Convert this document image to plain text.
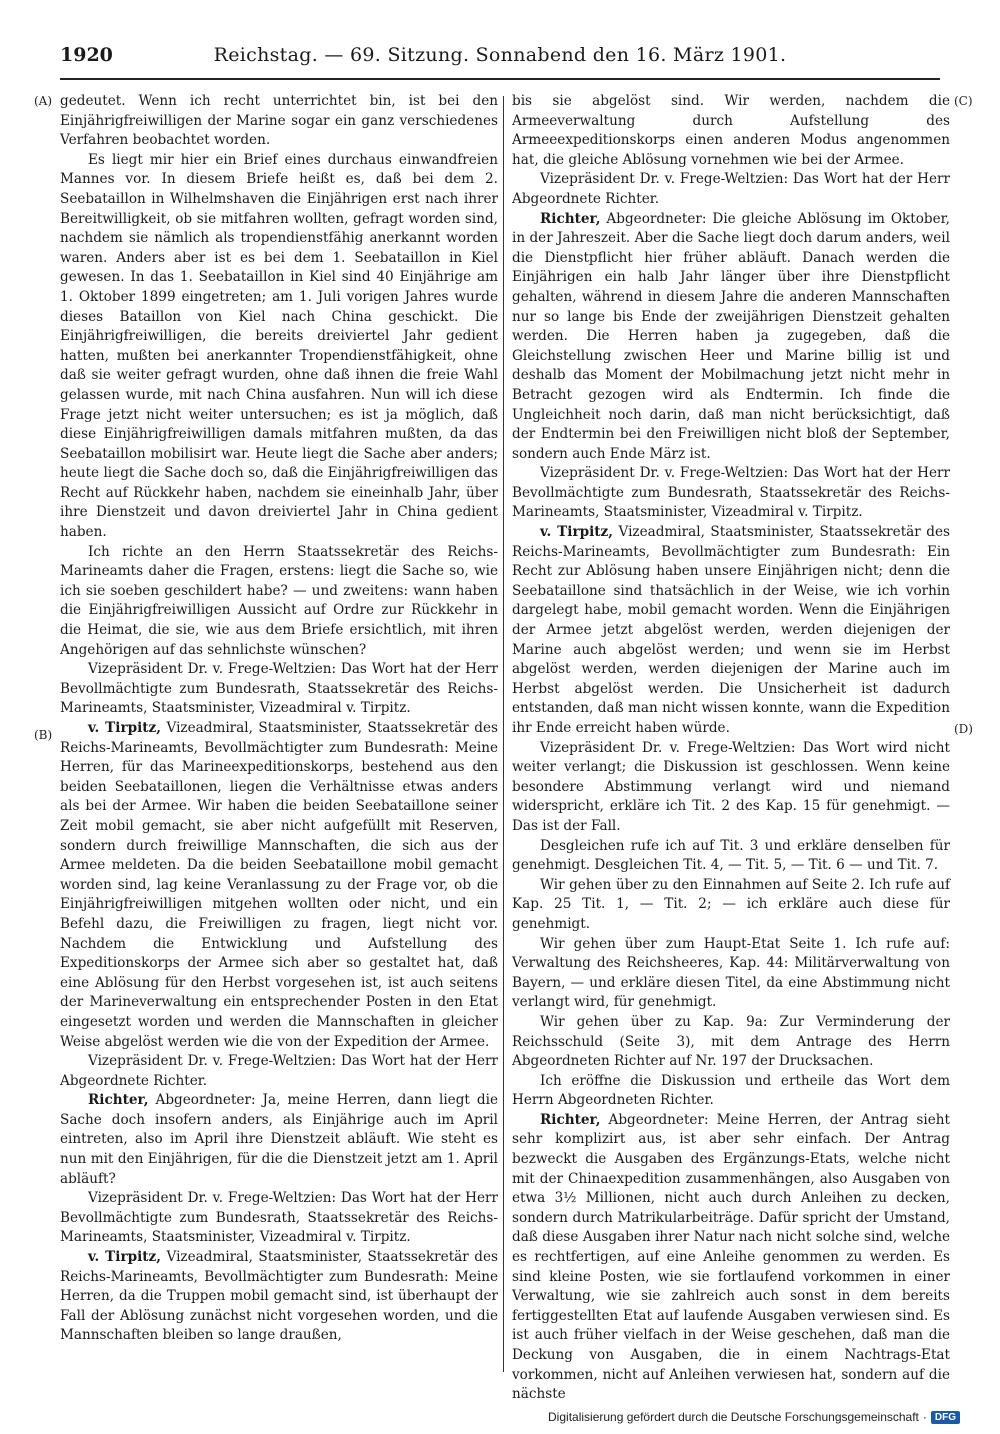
1920	Reichstag. — 69. Sitzung. Sonnabend den 16. März 1901.
(A)
(B)
(C)
(D)

gedeutet. Wenn ich recht unterrichtet bin, ist bei den Einjährigfreiwilligen der Marine sogar ein ganz verschiedenes Verfahren beobachtet worden.

Es liegt mir hier ein Brief eines durchaus einwandfreien Mannes vor. In diesem Briefe heißt es, daß bei dem 2. Seebataillon in Wilhelmshaven die Einjährigen erst nach ihrer Bereitwilligkeit, ob sie mitfahren wollten, gefragt worden sind, nachdem sie nämlich als tropendienstfähig anerkannt worden waren. Anders aber ist es bei dem 1. Seebataillon in Kiel gewesen. In das 1. Seebataillon in Kiel sind 40 Einjährige am 1. Oktober 1899 eingetreten; am 1. Juli vorigen Jahres wurde dieses Bataillon von Kiel nach China geschickt. Die Einjährigfreiwilligen, die bereits dreiviertel Jahr gedient hatten, mußten bei anerkannter Tropendienstfähigkeit, ohne daß sie weiter gefragt wurden, ohne daß ihnen die freie Wahl gelassen wurde, mit nach China ausfahren. Nun will ich diese Frage jetzt nicht weiter untersuchen; es ist ja möglich, daß diese Einjährigfreiwilligen damals mitfahren mußten, da das Seebataillon mobilisirt war. Heute liegt die Sache aber anders; heute liegt die Sache doch so, daß die Einjährigfreiwilligen das Recht auf Rückkehr haben, nachdem sie eineinhalb Jahr, über ihre Dienstzeit und davon dreiviertel Jahr in China gedient haben.

Ich richte an den Herrn Staatssekretär des Reichs-Marineamts daher die Fragen, erstens: liegt die Sache so, wie ich sie soeben geschildert habe? — und zweitens: wann haben die Einjährigfreiwilligen Aussicht auf Ordre zur Rückkehr in die Heimat, die sie, wie aus dem Briefe ersichtlich, mit ihren Angehörigen auf das sehnlichste wünschen?

Vizepräsident Dr. v. Frege-Weltzien: Das Wort hat der Herr Bevollmächtigte zum Bundesrath, Staatssekretär des Reichs-Marineamts, Staatsminister, Vizeadmiral v. Tirpitz.

v. Tirpitz, Vizeadmiral, Staatsminister, Staatssekretär des Reichs-Marineamts, Bevollmächtigter zum Bundesrath: Meine Herren, für das Marineexpeditionskorps, bestehend aus den beiden Seebataillonen, liegen die Verhältnisse etwas anders als bei der Armee. Wir haben die beiden Seebataillone seiner Zeit mobil gemacht, sie aber nicht aufgefüllt mit Reserven, sondern durch freiwillige Mannschaften, die sich aus der Armee meldeten. Da die beiden Seebataillone mobil gemacht worden sind, lag keine Veranlassung zu der Frage vor, ob die Einjährigfreiwilligen mitgehen wollten oder nicht, und ein Befehl dazu, die Freiwilligen zu fragen, liegt nicht vor. Nachdem die Entwicklung und Aufstellung des Expeditionskorps der Armee sich aber so gestaltet hat, daß eine Ablösung für den Herbst vorgesehen ist, ist auch seitens der Marineverwaltung ein entsprechender Posten in den Etat eingesetzt worden und werden die Mannschaften in gleicher Weise abgelöst werden wie die von der Expedition der Armee.

Vizepräsident Dr. v. Frege-Weltzien: Das Wort hat der Herr Abgeordnete Richter.

Richter, Abgeordneter: Ja, meine Herren, dann liegt die Sache doch insofern anders, als Einjährige auch im April eintreten, also im April ihre Dienstzeit abläuft. Wie steht es nun mit den Einjährigen, für die die Dienstzeit jetzt am 1. April abläuft?

Vizepräsident Dr. v. Frege-Weltzien: Das Wort hat der Herr Bevollmächtigte zum Bundesrath, Staatssekretär des Reichs-Marineamts, Staatsminister, Vizeadmiral v. Tirpitz.

v. Tirpitz, Vizeadmiral, Staatsminister, Staatssekretär des Reichs-Marineamts, Bevollmächtigter zum Bundesrath: Meine Herren, da die Truppen mobil gemacht sind, ist überhaupt der Fall der Ablösung zunächst nicht vorgesehen worden, und die Mannschaften bleiben so lange draußen,

bis sie abgelöst sind. Wir werden, nachdem die Armeeverwaltung durch Aufstellung des Armeeexpeditionskorps einen anderen Modus angenommen hat, die gleiche Ablösung vornehmen wie bei der Armee.

Vizepräsident Dr. v. Frege-Weltzien: Das Wort hat der Herr Abgeordnete Richter.

Richter, Abgeordneter: Die gleiche Ablösung im Oktober, in der Jahreszeit. Aber die Sache liegt doch darum anders, weil die Dienstpflicht hier früher abläuft. Danach werden die Einjährigen ein halb Jahr länger über ihre Dienstpflicht gehalten, während in diesem Jahre die anderen Mannschaften nur so lange bis Ende der zweijährigen Dienstzeit gehalten werden. Die Herren haben ja zugegeben, daß die Gleichstellung zwischen Heer und Marine billig ist und deshalb das Moment der Mobilmachung jetzt nicht mehr in Betracht gezogen wird als Endtermin. Ich finde die Ungleichheit noch darin, daß man nicht berücksichtigt, daß der Endtermin bei den Freiwilligen nicht bloß der September, sondern auch Ende März ist.

Vizepräsident Dr. v. Frege-Weltzien: Das Wort hat der Herr Bevollmächtigte zum Bundesrath, Staatssekretär des Reichs-Marineamts, Staatsminister, Vizeadmiral v. Tirpitz.

v. Tirpitz, Vizeadmiral, Staatsminister, Staatssekretär des Reichs-Marineamts, Bevollmächtigter zum Bundesrath: Ein Recht zur Ablösung haben unsere Einjährigen nicht; denn die Seebataillone sind thatsächlich in der Weise, wie ich vorhin dargelegt habe, mobil gemacht worden. Wenn die Einjährigen der Armee jetzt abgelöst werden, werden diejenigen der Marine auch abgelöst werden; und wenn sie im Herbst abgelöst werden, werden diejenigen der Marine auch im Herbst abgelöst werden. Die Unsicherheit ist dadurch entstanden, daß man nicht wissen konnte, wann die Expedition ihr Ende erreicht haben würde.

Vizepräsident Dr. v. Frege-Weltzien: Das Wort wird nicht weiter verlangt; die Diskussion ist geschlossen. Wenn keine besondere Abstimmung verlangt wird und niemand widerspricht, erkläre ich Tit. 2 des Kap. 15 für genehmigt. — Das ist der Fall.

Desgleichen rufe ich auf Tit. 3 und erkläre denselben für genehmigt. Desgleichen Tit. 4, — Tit. 5, — Tit. 6 — und Tit. 7.

Wir gehen über zu den Einnahmen auf Seite 2. Ich rufe auf Kap. 25 Tit. 1, — Tit. 2; — ich erkläre auch diese für genehmigt.

Wir gehen über zum Haupt-Etat Seite 1. Ich rufe auf: Verwaltung des Reichsheeres, Kap. 44: Militärverwaltung von Bayern, — und erkläre diesen Titel, da eine Abstimmung nicht verlangt wird, für genehmigt.

Wir gehen über zu Kap. 9a: Zur Verminderung der Reichsschuld (Seite 3), mit dem Antrage des Herrn Abgeordneten Richter auf Nr. 197 der Drucksachen.

Ich eröffne die Diskussion und ertheile das Wort dem Herrn Abgeordneten Richter.

Richter, Abgeordneter: Meine Herren, der Antrag sieht sehr komplizirt aus, ist aber sehr einfach. Der Antrag bezweckt die Ausgaben des Ergänzungs-Etats, welche nicht mit der Chinaexpedition zusammenhängen, also Ausgaben von etwa 3½ Millionen, nicht auch durch Anleihen zu decken, sondern durch Matrikularbeiträge. Dafür spricht der Umstand, daß diese Ausgaben ihrer Natur nach nicht solche sind, welche es rechtfertigen, auf eine Anleihe genommen zu werden. Es sind kleine Posten, wie sie fortlaufend vorkommen in einer Verwaltung, wie sie zahlreich auch sonst in dem bereits fertiggestellten Etat auf laufende Ausgaben verwiesen sind. Es ist auch früher vielfach in der Weise geschehen, daß man die Deckung von Ausgaben, die in einem Nachtrags-Etat vorkommen, nicht auf Anleihen verwiesen hat, sondern auf die nächste

Digitalisierung gefördert durch die Deutsche Forschungsgemeinschaft · DFG
